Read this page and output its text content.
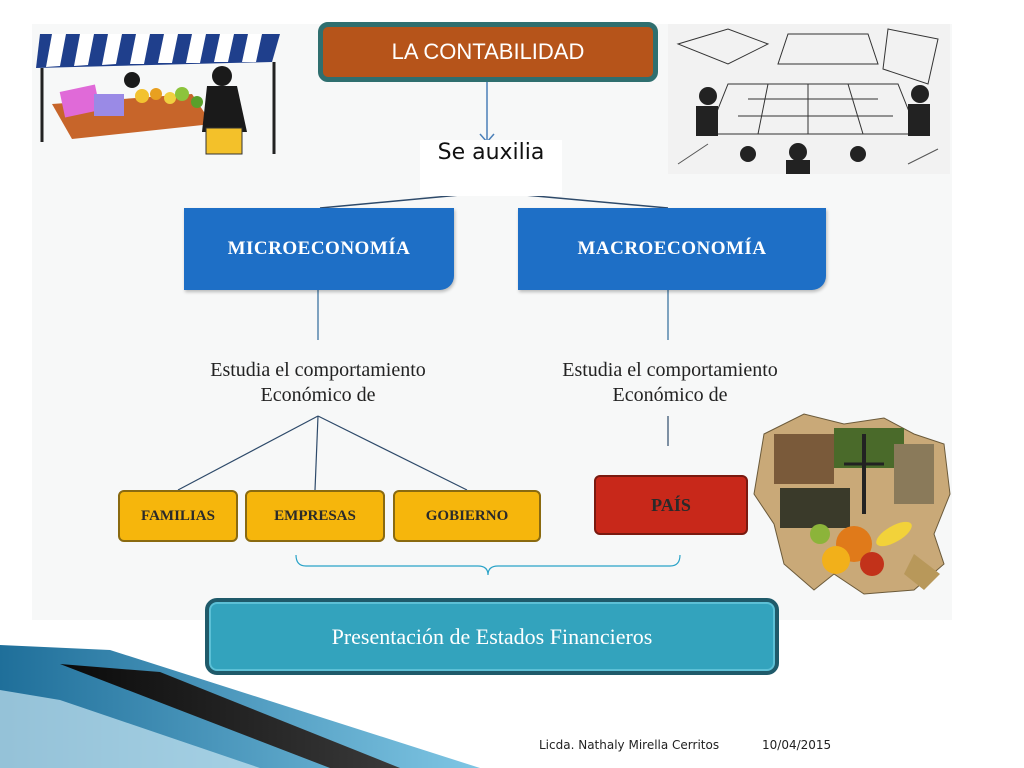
LA CONTABILIDAD
Se auxilia
MICROECONOMÍA	MACROECONOMÍA
Estudia el comportamiento
Económico de
Estudia el comportamiento
Económico de
FAMILIAS	EMPRESAS	GOBIERNO
PAÍS
Presentación de Estados Financieros
Licda. Nathaly Mirella Cerritos	10/04/2015
